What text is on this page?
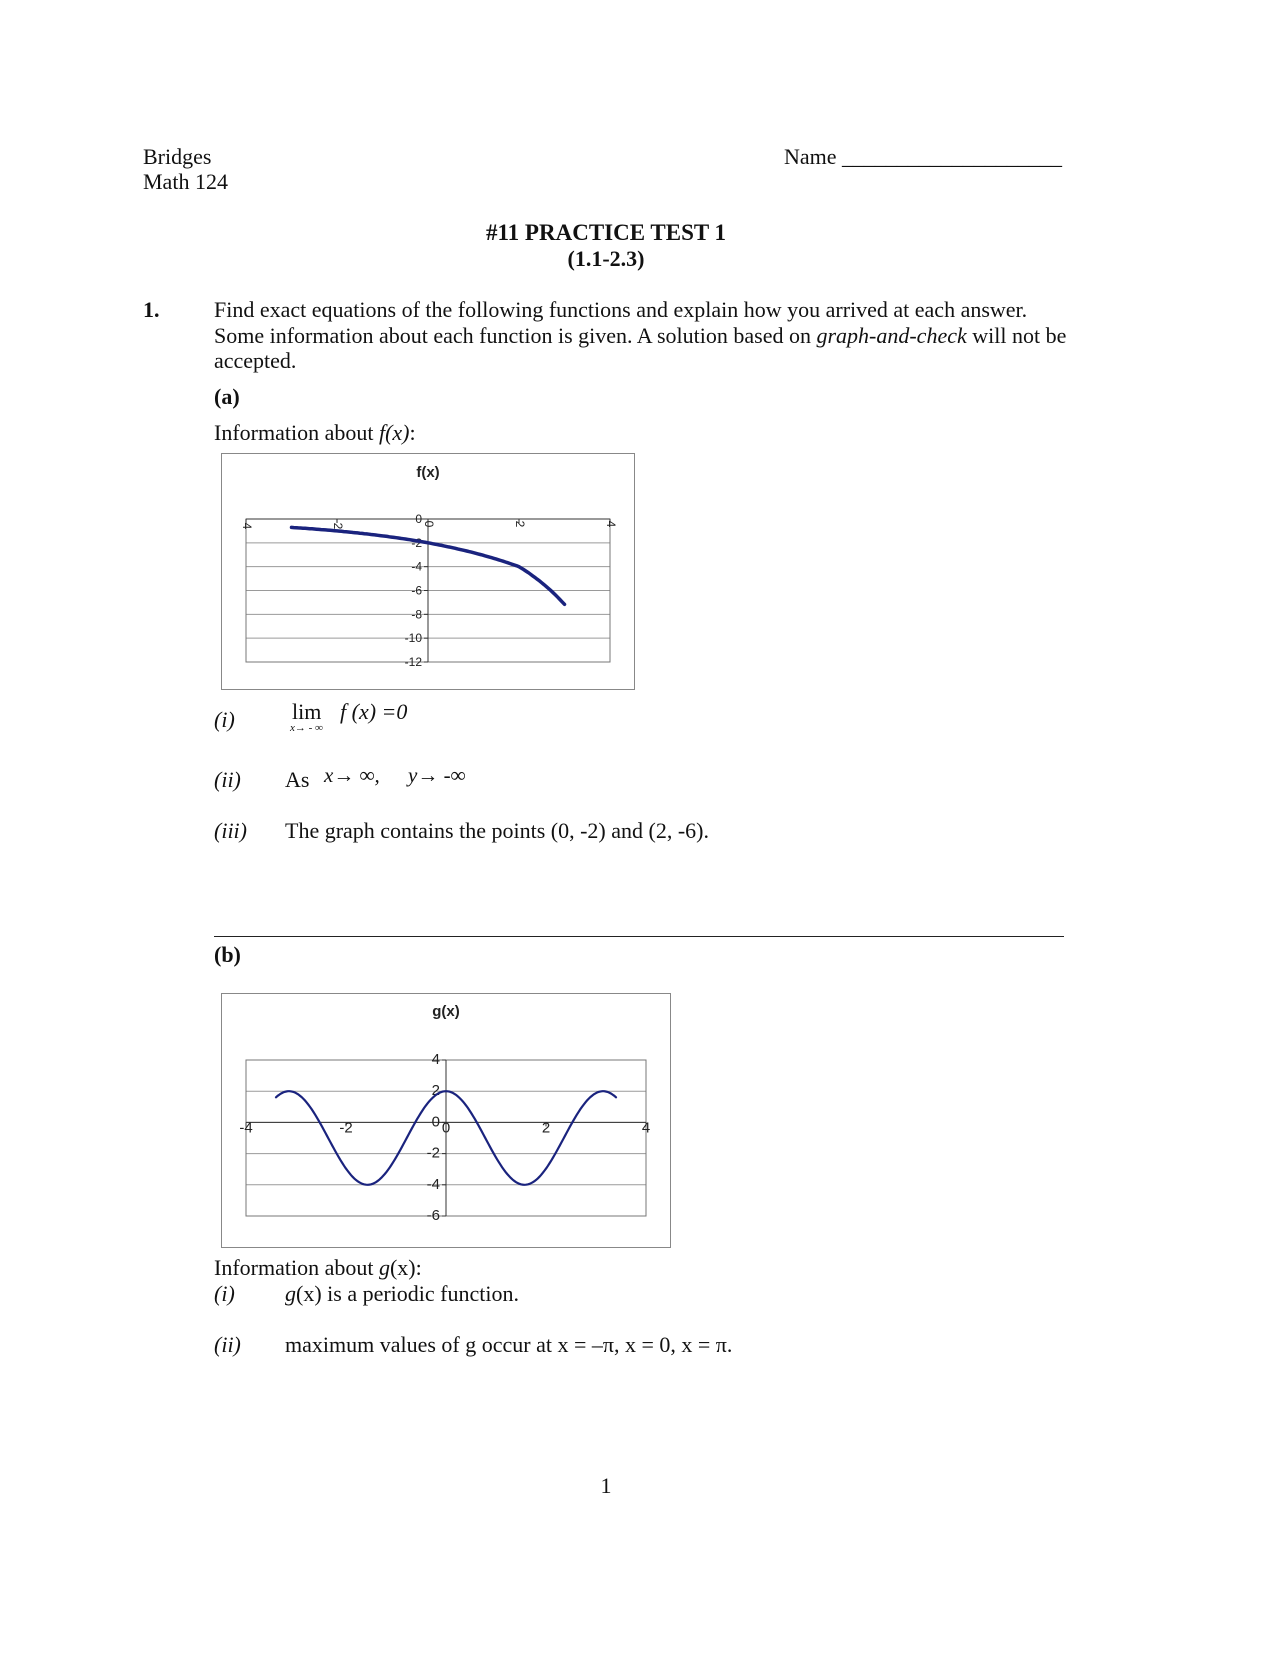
Bridges
Math 124
Name ____________________
#11 PRACTICE TEST 1
(1.1-2.3)
1. Find exact equations of the following functions and explain how you arrived at each answer.
Some information about each function is given. A solution based on graph-and-check will not be
accepted.
(a)
Information about f(x):
f(x)
-4	-2	0	2	4
0
-2
-4
-6
-8
-10
-12
(i)	lim
x→ - ∞
f (x) =0
(ii) As x→ ∞, y→ -∞
(iii) The graph contains the points (0, -2) and (2, -6).
(b)
g(x)
-4	-2	0	2	4
4
2
0
-2
-4
-6
Information about g(x):
(i) g(x) is a periodic function.
(ii) maximum values of g occur at x = –π, x = 0, x = π.
1
